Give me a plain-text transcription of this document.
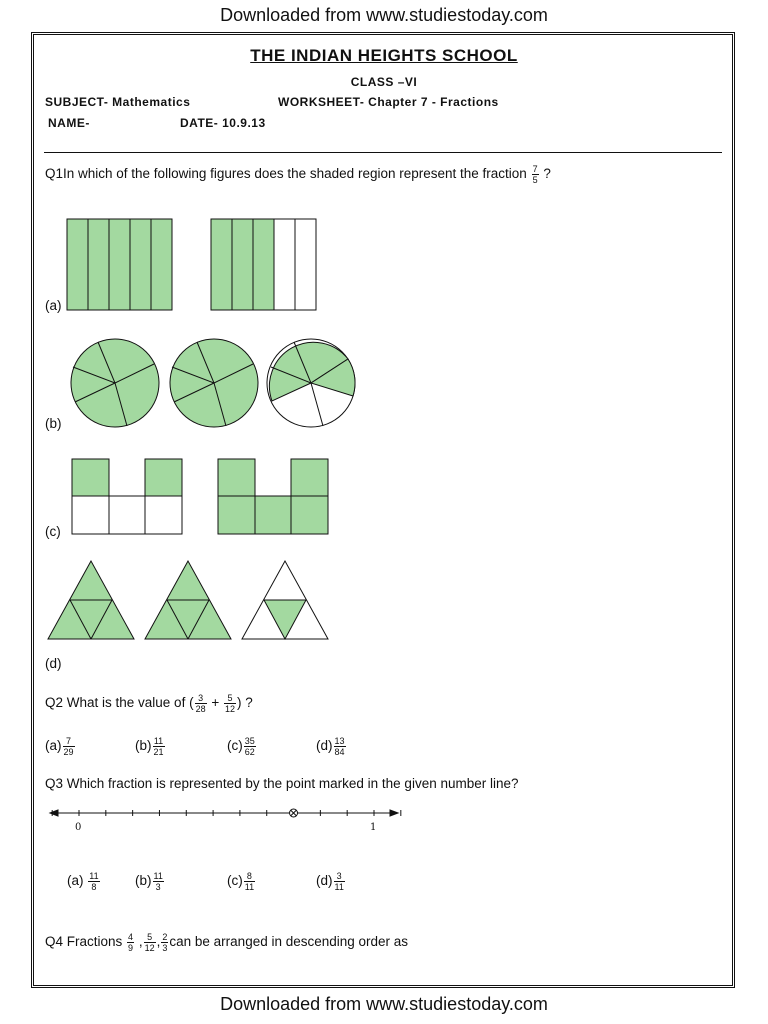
Downloaded from www.studiestoday.com
Downloaded from www.studiestoday.com
THE INDIAN HEIGHTS SCHOOL
CLASS –VI
SUBJECT- Mathematics	WORKSHEET- Chapter 7 - Fractions
NAME-	DATE- 10.9.13
Q1In which of the following figures does the shaded region represent the fraction $\frac{7}{5}$ ?
(a)
(b)
(c)
(d)
Q2 What is the value of ( $\frac{3}{28} + \frac{5}{12}$ ) ?
$(a) \frac{7}{29}$	$(b) \frac{11}{21}$	$(c) \frac{35}{62}$	$(d) \frac{13}{84}$
Q3 Which fraction is represented by the point marked in the given number line?
0	1
$(a) \frac{11}{8}$	$(b) \frac{11}{3}$	$(c) \frac{8}{11}$	$(d) \frac{3}{11}$
Q4 Fractions $\frac{4}{9}$ , $\frac{5}{12}$ , $\frac{2}{3}$ can be arranged in descending order as
